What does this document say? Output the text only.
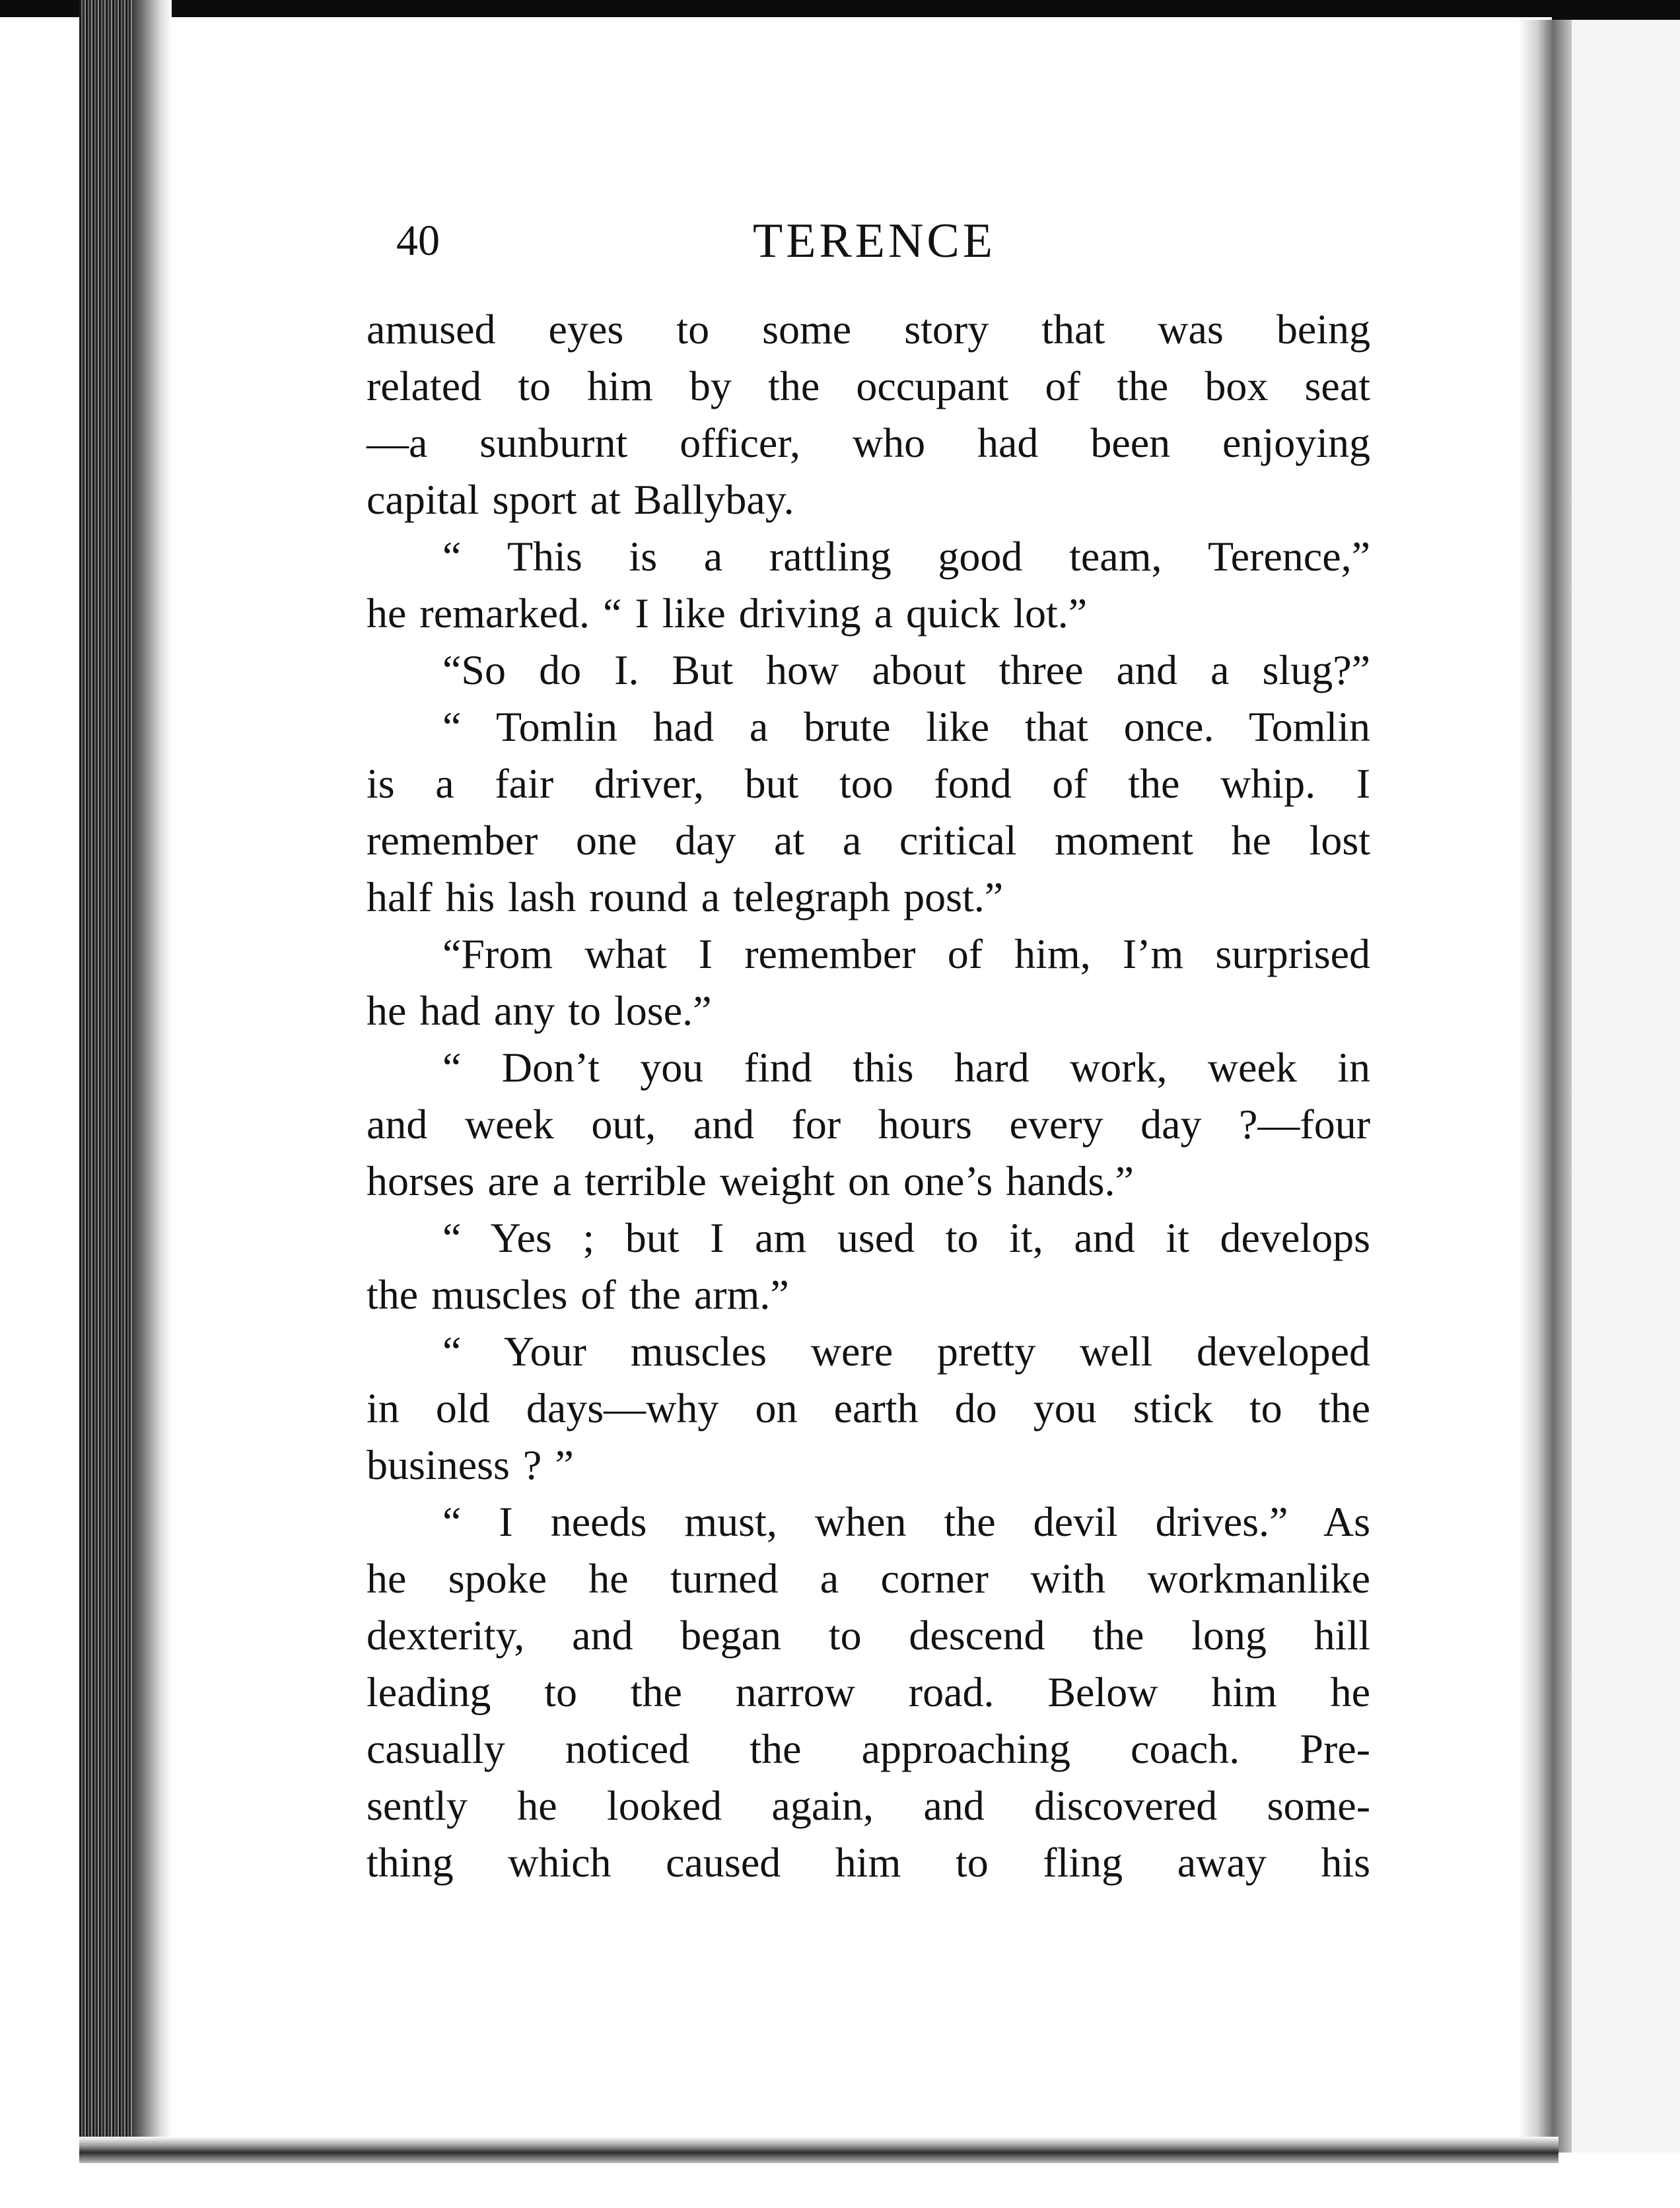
40	TERENCE
amused eyes to some story that was being
related to him by the occupant of the box seat
—a sunburnt officer, who had been enjoying
capital sport at Ballybay.
“ This is a rattling good team, Terence,”
he remarked. “ I like driving a quick lot.”
“So do I. But how about three and a slug?”
“ Tomlin had a brute like that once. Tomlin
is a fair driver, but too fond of the whip. I
remember one day at a critical moment he lost
half his lash round a telegraph post.”
“From what I remember of him, I’m surprised
he had any to lose.”
“ Don’t you find this hard work, week in
and week out, and for hours every day ?—four
horses are a terrible weight on one’s hands.”
“ Yes ; but I am used to it, and it develops
the muscles of the arm.”
“ Your muscles were pretty well developed
in old days—why on earth do you stick to the
business ? ”
“ I needs must, when the devil drives.” As
he spoke he turned a corner with workmanlike
dexterity, and began to descend the long hill
leading to the narrow road. Below him he
casually noticed the approaching coach. Pre-
sently he looked again, and discovered some-
thing which caused him to fling away his
